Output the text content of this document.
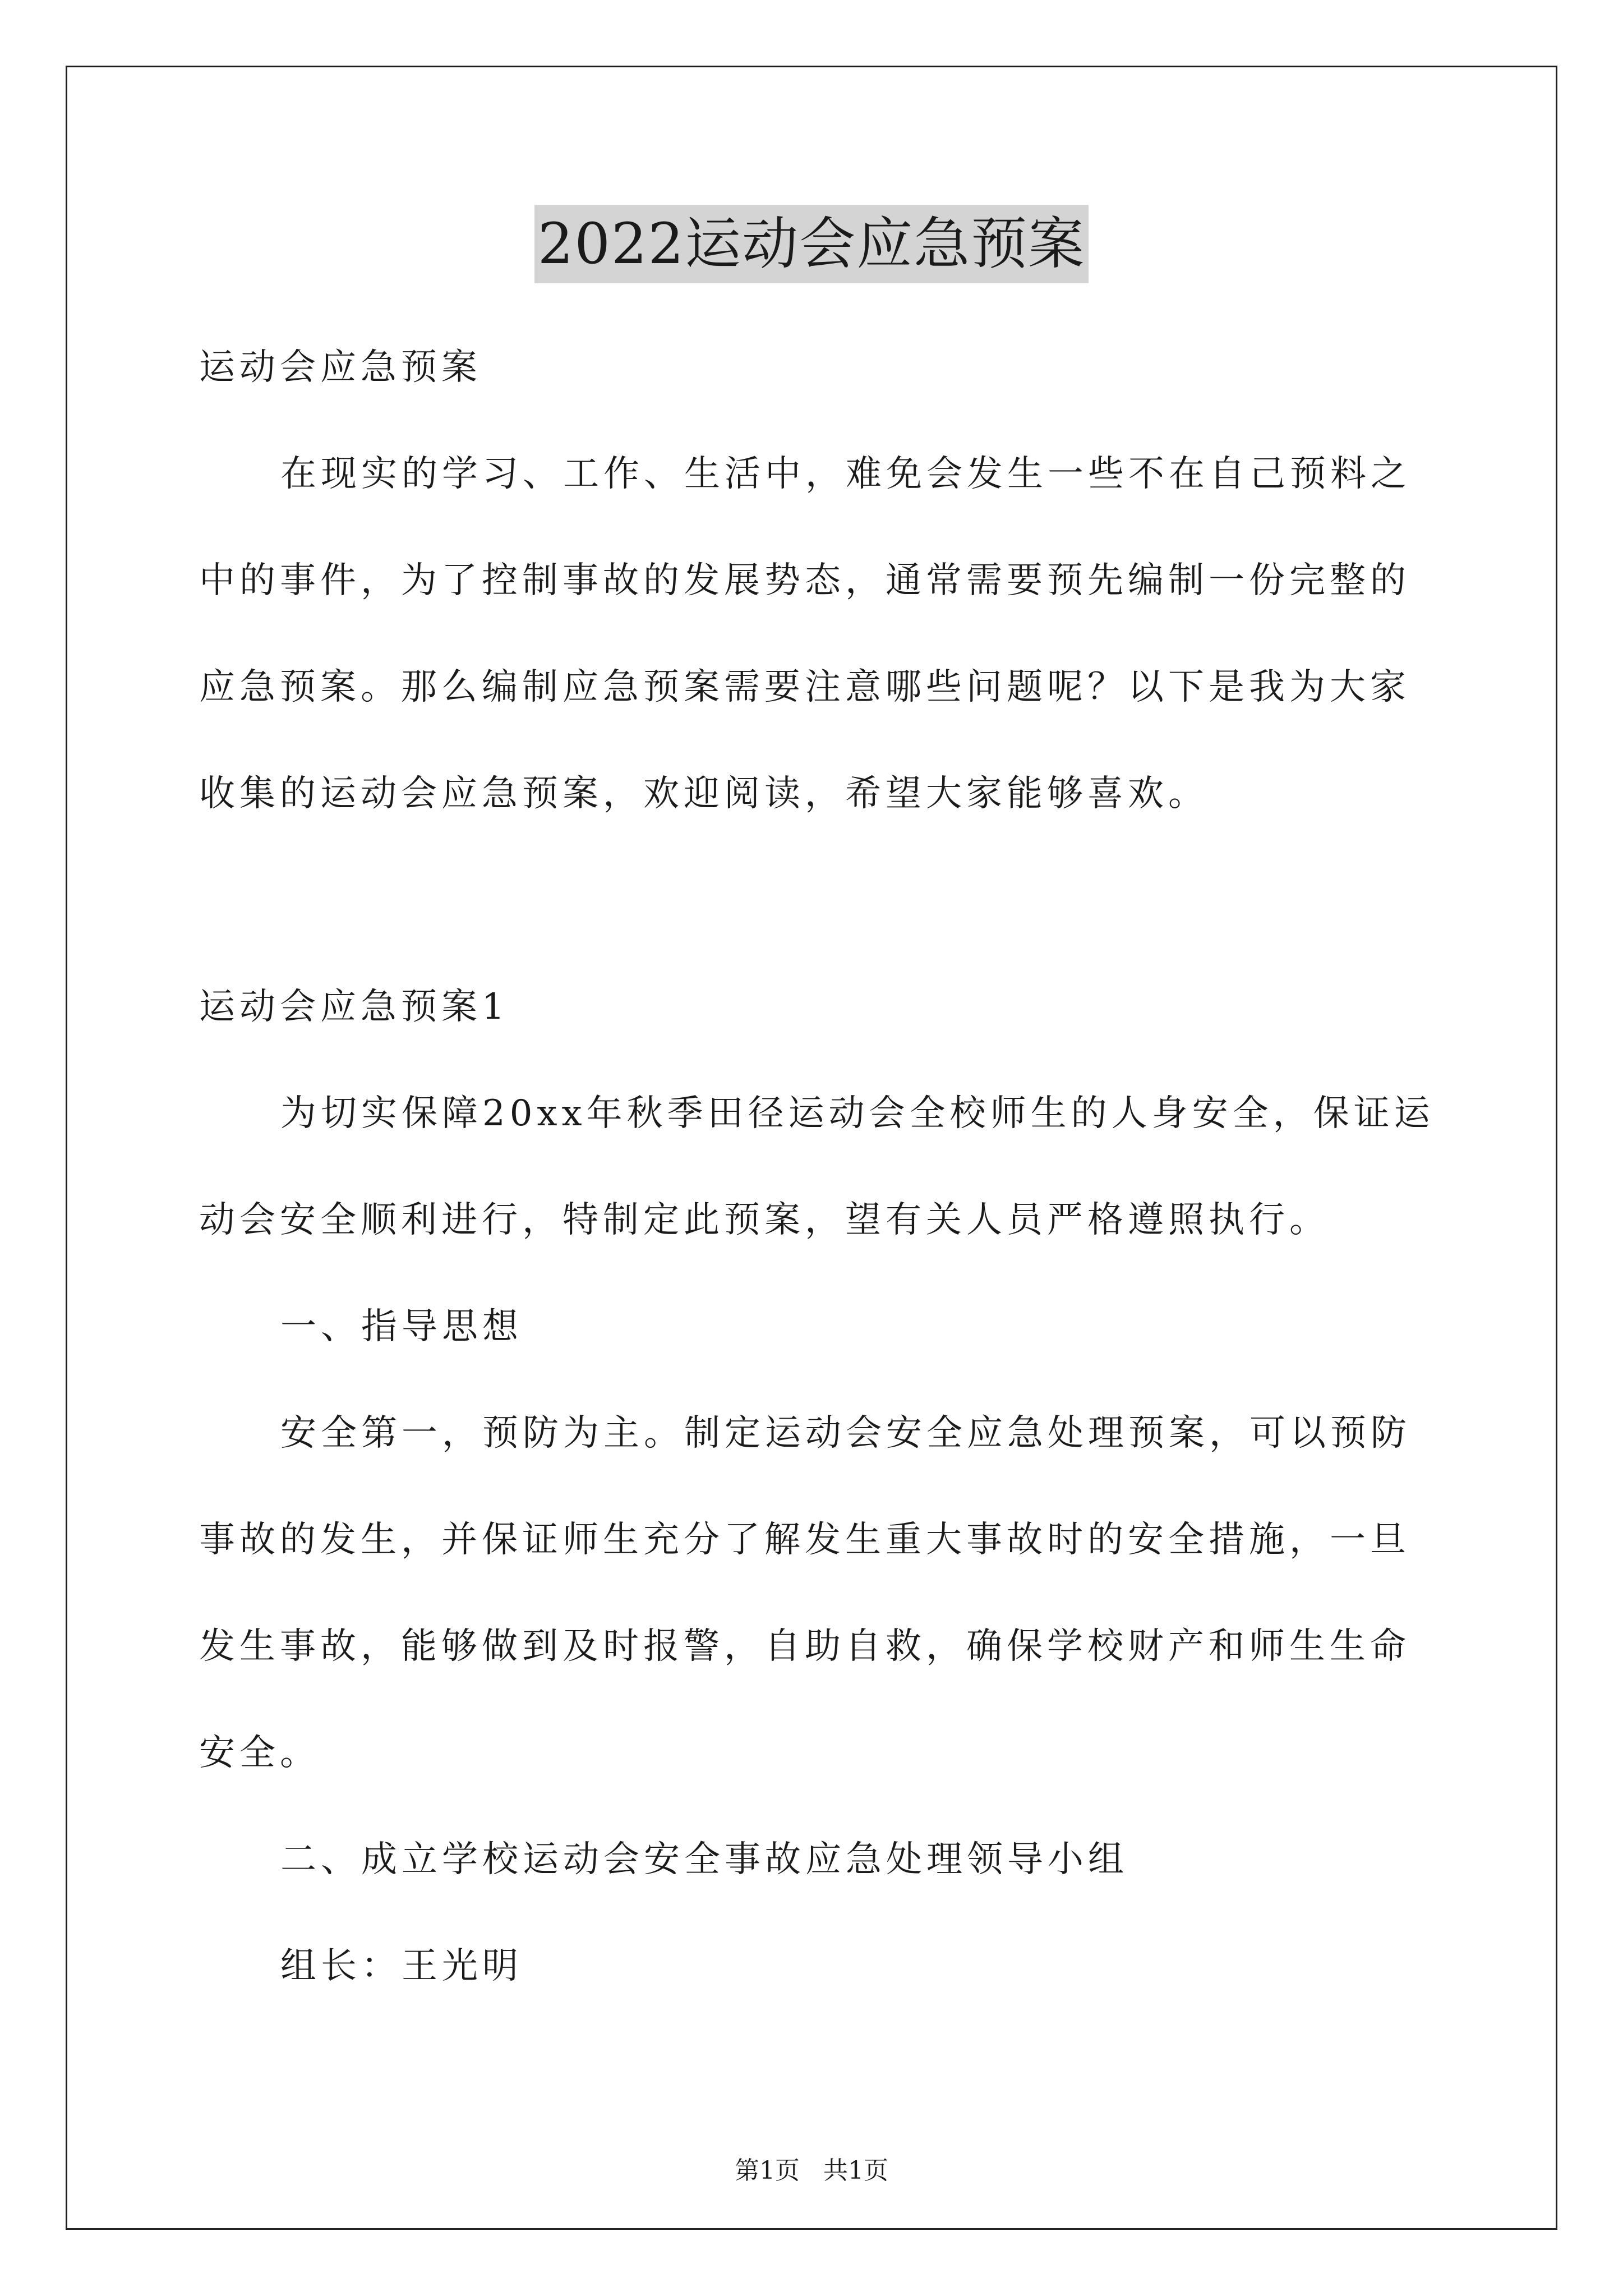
2022运动会应急预案
运动会应急预案
在现实的学习、工作、生活中，难免会发生一些不在自己预料之
中的事件，为了控制事故的发展势态，通常需要预先编制一份完整的
应急预案。那么编制应急预案需要注意哪些问题呢？以下是我为大家
收集的运动会应急预案，欢迎阅读，希望大家能够喜欢。
运动会应急预案1
为切实保障20xx年秋季田径运动会全校师生的人身安全，保证运
动会安全顺利进行，特制定此预案，望有关人员严格遵照执行。
一、指导思想
安全第一，预防为主。制定运动会安全应急处理预案，可以预防
事故的发生，并保证师生充分了解发生重大事故时的安全措施，一旦
发生事故，能够做到及时报警，自助自救，确保学校财产和师生生命
安全。
二、成立学校运动会安全事故应急处理领导小组
组长：王光明
第1页 共1页
